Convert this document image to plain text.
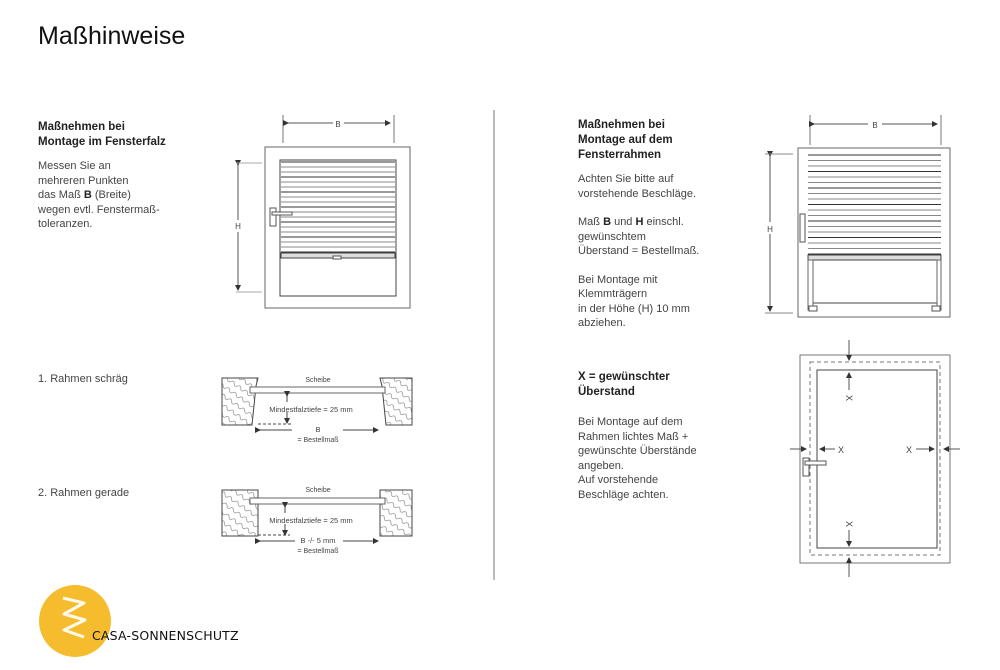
Maßhinweise
Maßnehmen bei
Montage im Fensterfalz
Messen Sie an
mehreren Punkten
das Maß B (Breite)
wegen evtl. Fenstermaß-
toleranzen.
1. Rahmen schräg
2. Rahmen gerade
Maßnehmen bei
Montage auf dem
Fensterrahmen
Achten Sie bitte auf
vorstehende Beschläge.
Maß B und H einschl.
gewünschtem
Überstand = Bestellmaß.
Bei Montage mit
Klemmträgern
in der Höhe (H) 10 mm
abziehen.
X = gewünschter
Überstand
Bei Montage auf dem
Rahmen lichtes Maß +
gewünschte Überstände
angeben.
Auf vorstehende
Beschläge achten.
B
H
Scheibe
Mindestfalztiefe = 25 mm
B
= Bestellmaß
Scheibe
Mindestfalztiefe = 25 mm
B -/- 5 mm
= Bestellmaß
B
H
X	X
X
X
CASA-SONNENSCHUTZ
